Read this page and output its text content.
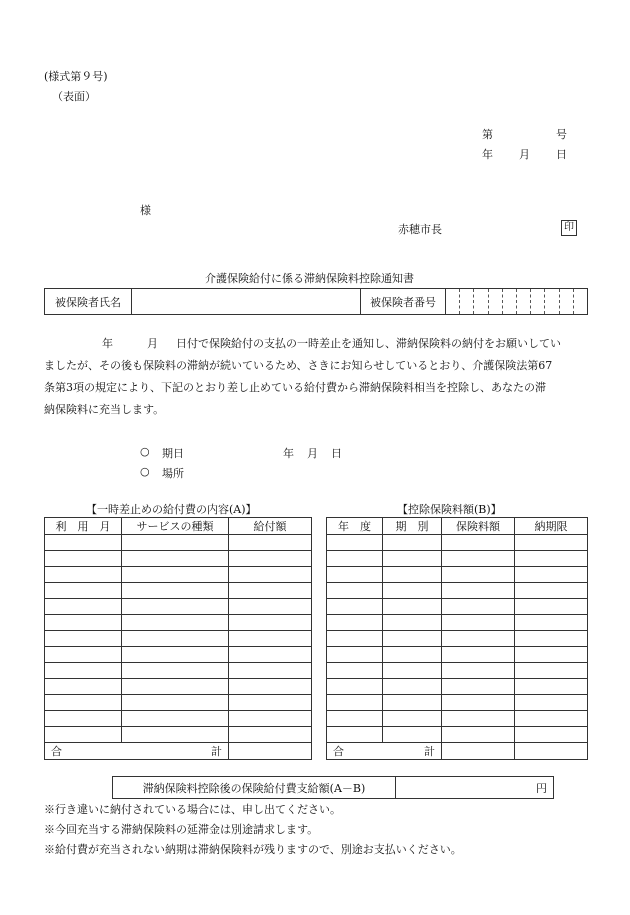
(様式第９号)
（表面）
第	号
年 月 日
様
赤穂市長	印
介護保険給付に係る滞納保険料控除通知書
被保険者氏名		被保険者番号	
年	月 日付で保険給付の支払の一時差止を通知し、滞納保険料の納付をお願いしてい
ましたが、その後も保険料の滞納が続いているため、さきにお知らせしているとおり、介護保険法第67
条第3項の規定により、下記のとおり差し止めている給付費から滞納保険料相当を控除し、あなたの滞
納保険料に充当します。
○ 期日	年 月 日
○ 場所
【一時差止めの給付費の内容(A)】	【控除保険料額(B)】
利　用　月	サービスの種類	給付額

合 計		

年　度	期　別	保険料額	納期限

合 計			

滞納保険料控除後の保険給付費支給額(A－B)	円
※行き違いに納付されている場合には、申し出てください。
※今回充当する滞納保険料の延滞金は別途請求します。
※給付費が充当されない納期は滞納保険料が残りますので、別途お支払いください。
